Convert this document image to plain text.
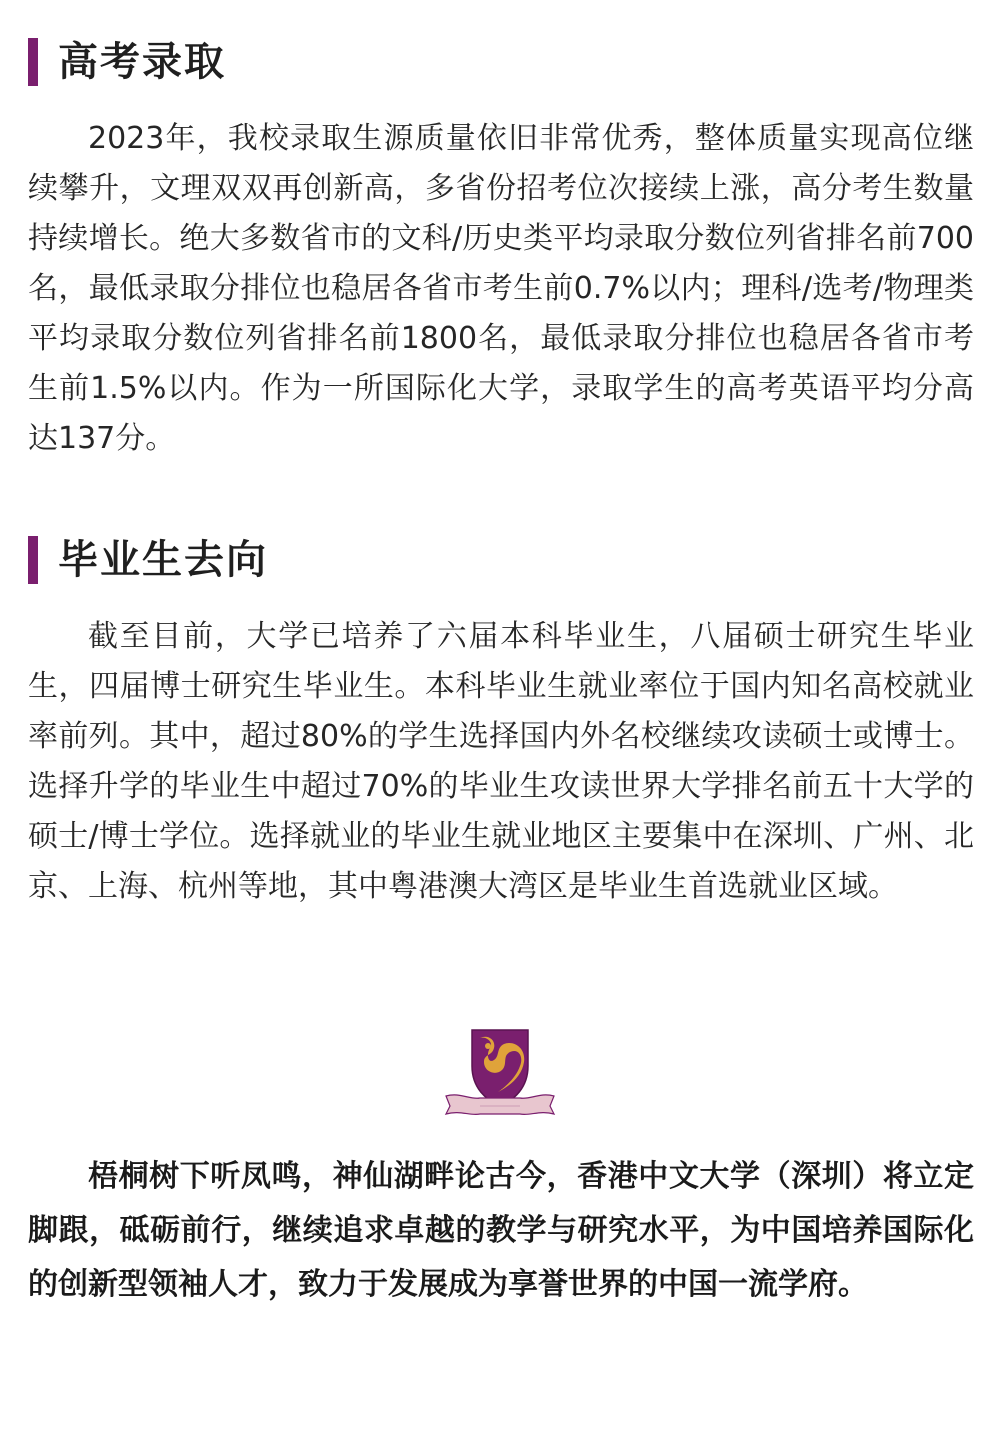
高考录取

2023年，我校录取生源质量依旧非常优秀，整体质量实现高位继续攀升，文理双双再创新高，多省份招考位次接续上涨，高分考生数量持续增长。绝大多数省市的文科/历史类平均录取分数位列省排名前700名，最低录取分排位也稳居各省市考生前0.7%以内；理科/选考/物理类平均录取分数位列省排名前1800名，最低录取分排位也稳居各省市考生前1.5%以内。作为一所国际化大学，录取学生的高考英语平均分高达137分。

毕业生去向

截至目前，大学已培养了六届本科毕业生，八届硕士研究生毕业生，四届博士研究生毕业生。本科毕业生就业率位于国内知名高校就业率前列。其中，超过80%的学生选择国内外名校继续攻读硕士或博士。选择升学的毕业生中超过70%的毕业生攻读世界大学排名前五十大学的硕士/博士学位。选择就业的毕业生就业地区主要集中在深圳、广州、北京、上海、杭州等地，其中粤港澳大湾区是毕业生首选就业区域。

梧桐树下听凤鸣，神仙湖畔论古今，香港中文大学（深圳）将立定脚跟，砥砺前行，继续追求卓越的教学与研究水平，为中国培养国际化的创新型领袖人才，致力于发展成为享誉世界的中国一流学府。
